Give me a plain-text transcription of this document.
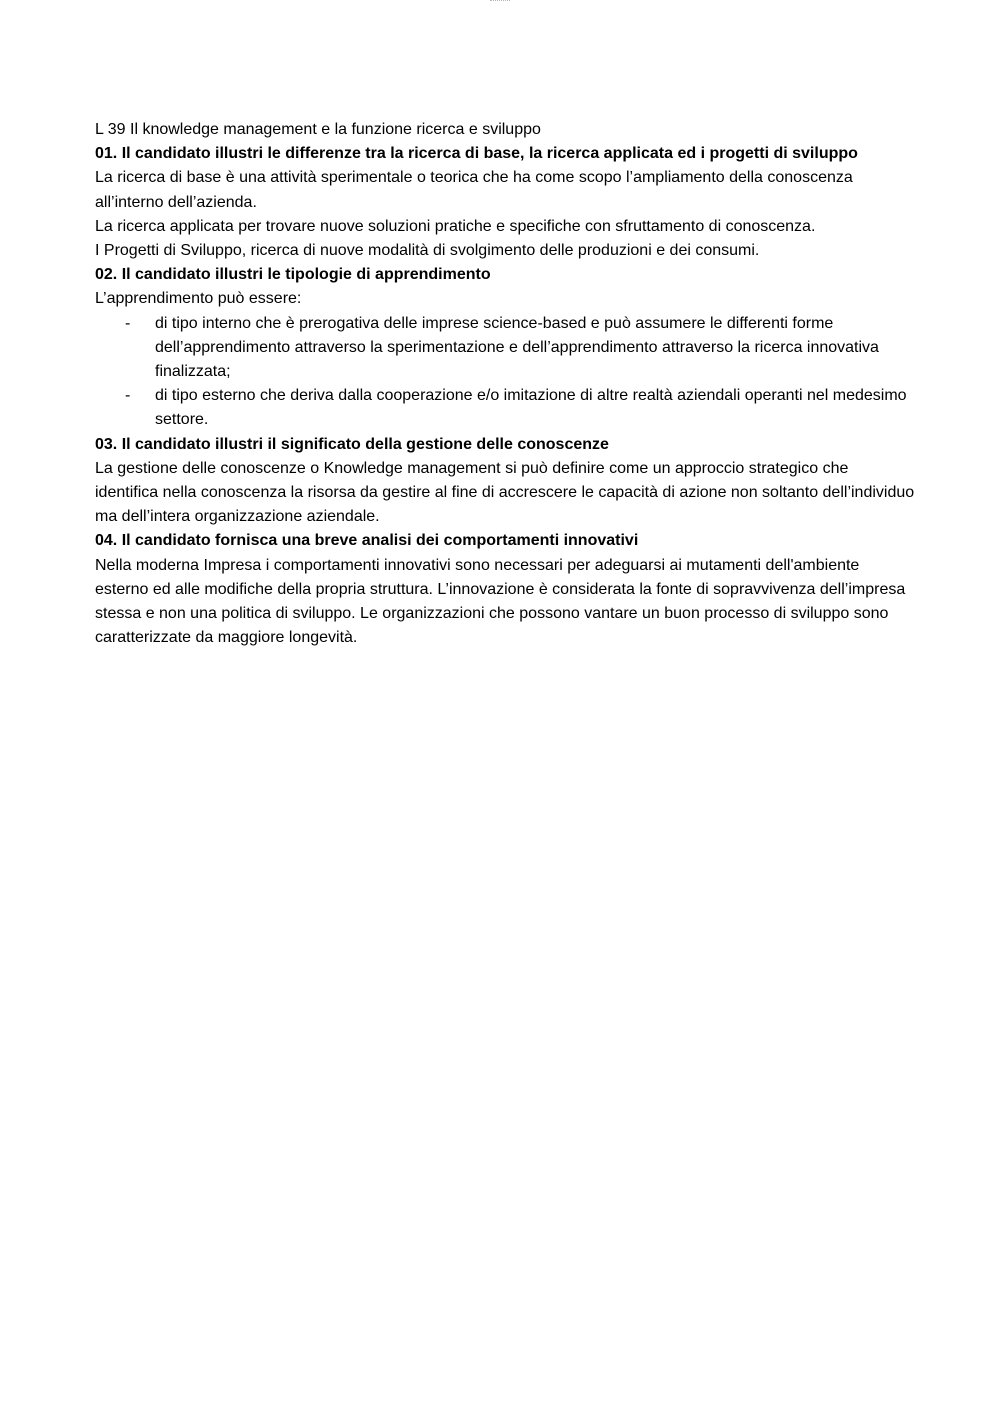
L 39 Il knowledge management e la funzione ricerca e sviluppo

01. Il candidato illustri le differenze tra la ricerca di base, la ricerca applicata ed i progetti di sviluppo

La ricerca di base è una attività sperimentale o teorica che ha come scopo l’ampliamento della conoscenza all’interno dell’azienda.

La ricerca applicata per trovare nuove soluzioni pratiche e specifiche con sfruttamento di conoscenza.

I Progetti di Sviluppo, ricerca di nuove modalità di svolgimento delle produzioni e dei consumi.

02. Il candidato illustri le tipologie di apprendimento

L’apprendimento può essere:

- di tipo interno che è prerogativa delle imprese science-based e può assumere le differenti forme dell’apprendimento attraverso la sperimentazione e dell’apprendimento attraverso la ricerca innovativa finalizzata;
- di tipo esterno che deriva dalla cooperazione e/o imitazione di altre realtà aziendali operanti nel medesimo settore.

03. Il candidato illustri il significato della gestione delle conoscenze

La gestione delle conoscenze o Knowledge management si può definire come un approccio strategico che identifica nella conoscenza la risorsa da gestire al fine di accrescere le capacità di azione non soltanto dell’individuo ma dell’intera organizzazione aziendale.

04. Il candidato fornisca una breve analisi dei comportamenti innovativi

Nella moderna Impresa i comportamenti innovativi sono necessari per adeguarsi ai mutamenti dell'ambiente esterno ed alle modifiche della propria struttura. L’innovazione è considerata la fonte di sopravvivenza dell’impresa stessa e non una politica di sviluppo. Le organizzazioni che possono vantare un buon processo di sviluppo sono caratterizzate da maggiore longevità.
